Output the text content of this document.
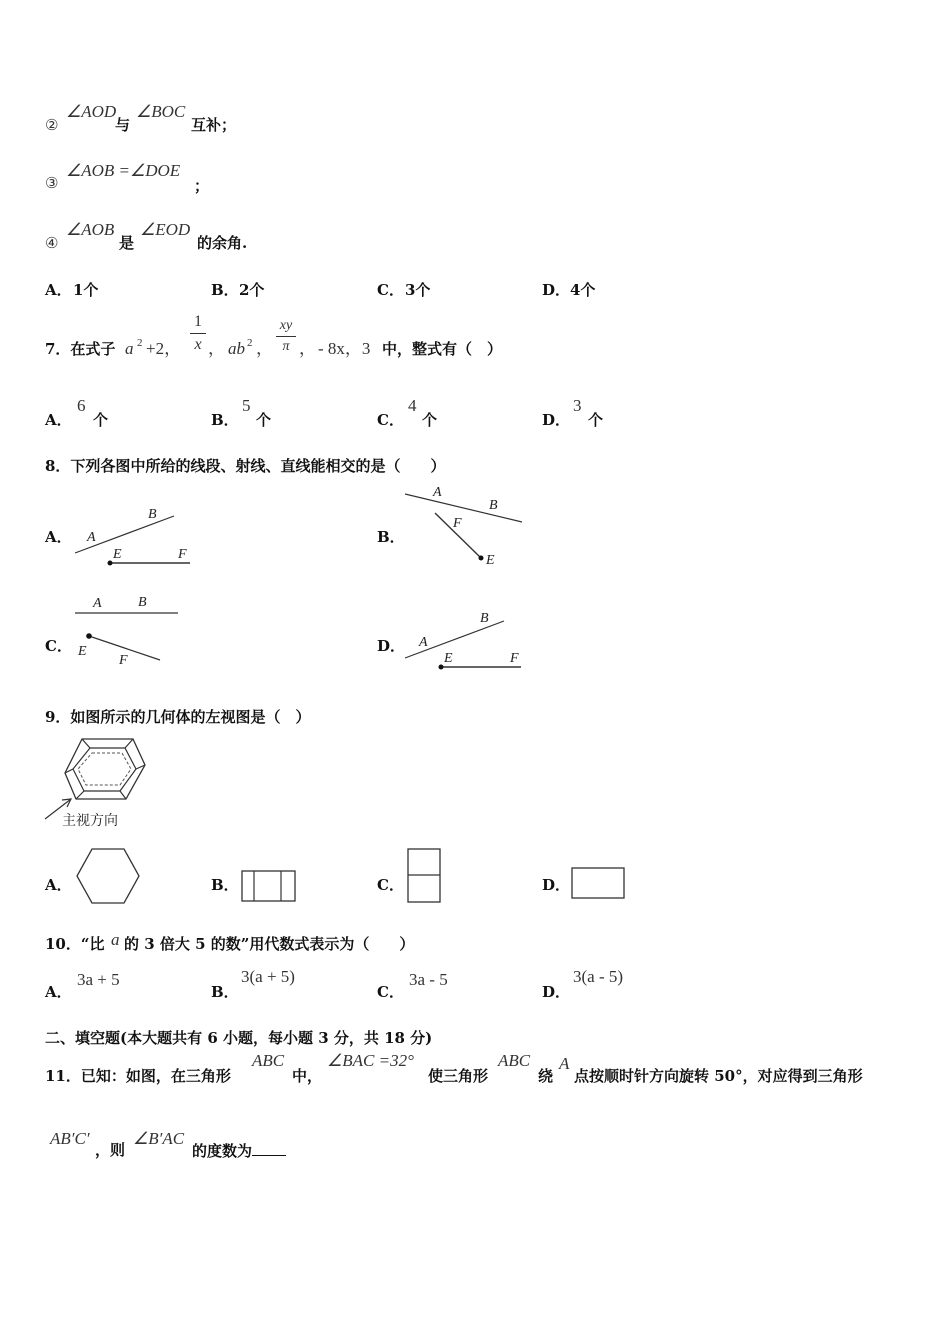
②
∠AOD
与
∠BOC
互补；
③
∠AOB =∠DOE
；
④
∠AOB
是
∠EOD
的余角.
A． 1个	B． 2个	C． 3个	D． 4个
7．在式子 a 2 +2，
1
x ， ab 2 ，
xy
π ， - 8x，3 中，整式有（　）
A．
6
个	B．
5
个	C．
4
个	D．
3
个
8．下列各图中所给的线段、射线、直线能相交的是（　　）
A． A
B
E	F
B．
A
B
F
E
C．
A	B
E
F
D． A
B
E	F
9．如图所示的几何体的左视图是（　）
主视方向
A．	B．	C．	D．
10．“比 a 的 3 倍大 5 的数”用代数式表示为（　　）
A．
3a + 5
B．
3(a + 5)
C．
3a - 5
D．
3(a - 5)
二、填空题(本大题共有 6 小题，每小题 3 分，共 18 分)
11．已知：如图，在三角形
ABC
中，
∠BAC =32°
使三角形
ABC
绕
A
点按顺时针方向旋转 50°，对应得到三角形
AB′C′
，则
∠B′AC
的度数为
